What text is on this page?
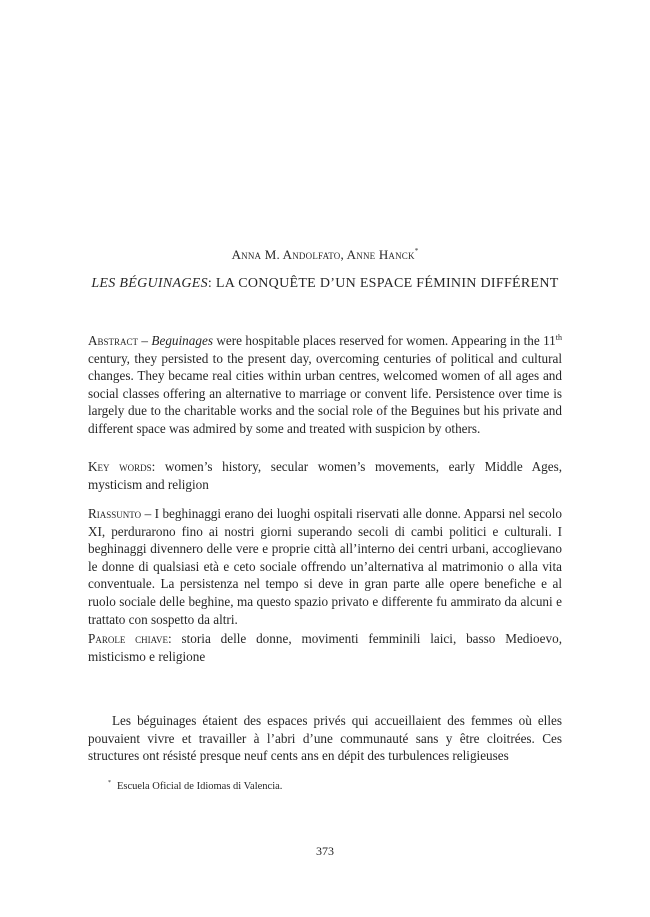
Anna M. Andolfato, Anne Hanck*
LES BÉGUINAGES: LA CONQUÊTE D’UN ESPACE FÉMININ DIFFÉRENT
Abstract – Beguinages were hospitable places reserved for women. Appearing in the 11th century, they persisted to the present day, overcoming centuries of political and cultural changes. They became real cities within urban centres, welcomed women of all ages and social classes offering an alternative to marriage or convent life. Persistence over time is largely due to the charitable works and the social role of the Beguines but his private and different space was admired by some and treated with suspicion by others.
Key words: women’s history, secular women’s movements, early Middle Ages, mysticism and religion
Riassunto – I beghinaggi erano dei luoghi ospitali riservati alle donne. Apparsi nel secolo XI, perdurarono fino ai nostri giorni superando secoli di cambi politici e culturali. I beghinaggi divennero delle vere e proprie città all’interno dei centri urbani, accoglievano le donne di qualsiasi età e ceto sociale offrendo un’alternativa al matrimonio o alla vita conventuale. La persistenza nel tempo si deve in gran parte alle opere benefiche e al ruolo sociale delle beghine, ma questo spazio privato e differente fu ammirato da alcuni e trattato con sospetto da altri.
Parole chiave: storia delle donne, movimenti femminili laici, basso Medioevo, misticismo e religione
Les béguinages étaient des espaces privés qui accueillaient des femmes où elles pouvaient vivre et travailler à l’abri d’une communauté sans y être cloitrées. Ces structures ont résisté presque neuf cents ans en dépit des turbulences religieuses
* Escuela Oficial de Idiomas di Valencia.
373
